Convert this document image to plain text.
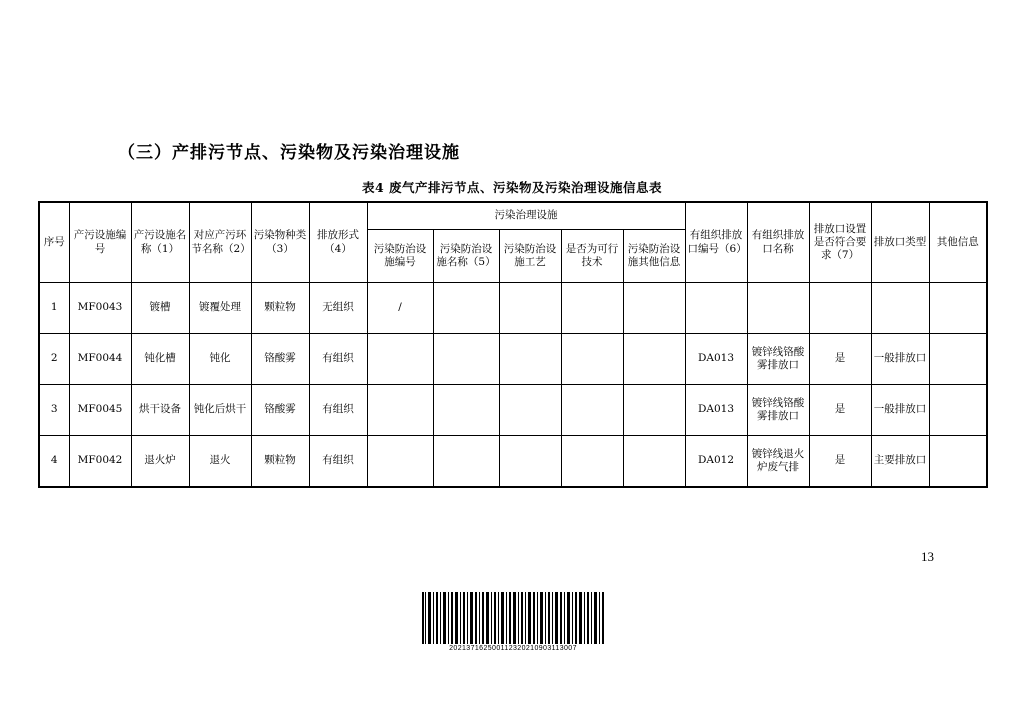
（三）产排污节点、污染物及污染治理设施
表4 废气产排污节点、污染物及污染治理设施信息表
序号	产污设施编号	产污设施名称（1）	对应产污环节名称（2）	污染物种类（3）	排放形式（4）	污染治理设施					有组织排放口编号（6）	有组织排放口名称	排放口设置是否符合要求（7）	排放口类型	其他信息
						污染防治设施编号	污染防治设施名称（5）	污染防治设施工艺	是否为可行技术	污染防治设施其他信息					
1	MF0043	镀槽	镀覆处理	颗粒物	无组织	/									
2	MF0044	钝化槽	钝化	铬酸雾	有组织						DA013	镀锌线铬酸雾排放口	是	一般排放口	
3	MF0045	烘干设备	钝化后烘干	铬酸雾	有组织						DA013	镀锌线铬酸雾排放口	是	一般排放口	
4	MF0042	退火炉	退火	颗粒物	有组织						DA012	镀锌线退火炉废气排	是	主要排放口	
13
202137162500112320210903113007
